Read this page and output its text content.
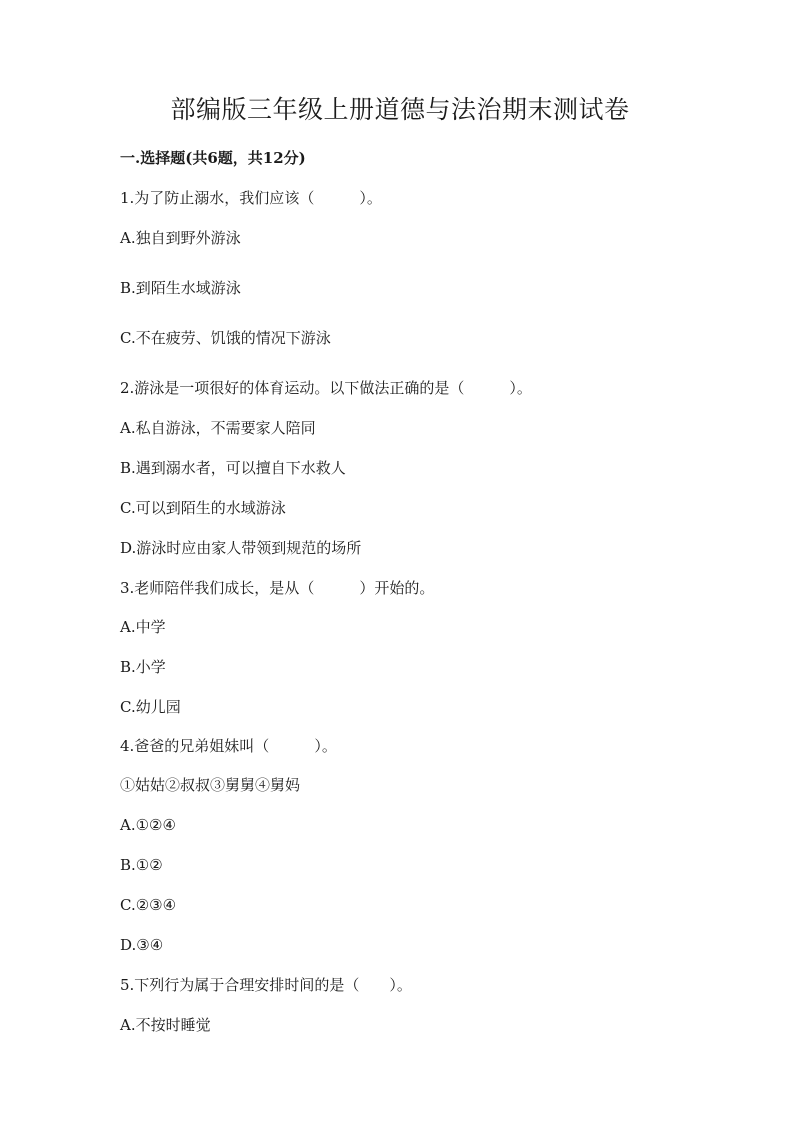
部编版三年级上册道德与法治期末测试卷
一.选择题(共6题，共12分)
1.为了防止溺水，我们应该（　　　）。
A.独自到野外游泳
B.到陌生水域游泳
C.不在疲劳、饥饿的情况下游泳
2.游泳是一项很好的体育运动。以下做法正确的是（　　　）。
A.私自游泳，不需要家人陪同
B.遇到溺水者，可以擅自下水救人
C.可以到陌生的水域游泳
D.游泳时应由家人带领到规范的场所
3.老师陪伴我们成长，是从（　　　）开始的。
A.中学
B.小学
C.幼儿园
4.爸爸的兄弟姐妹叫（　　　）。
①姑姑②叔叔③舅舅④舅妈
A.①②④
B.①②
C.②③④
D.③④
5.下列行为属于合理安排时间的是（　　）。
A.不按时睡觉
